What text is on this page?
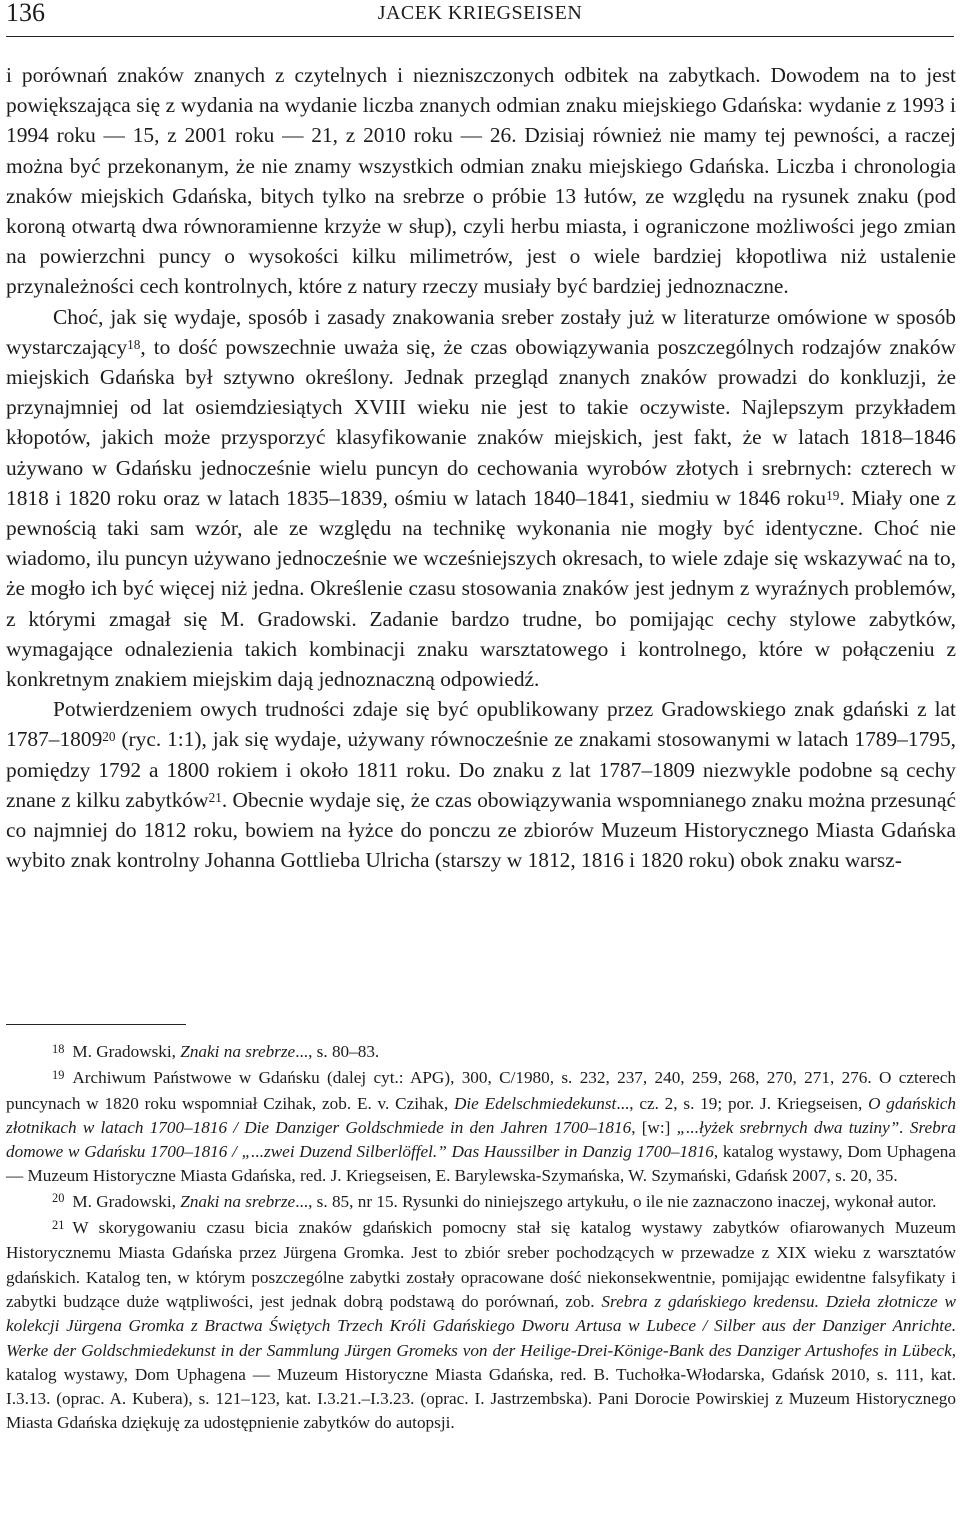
136	JACEK KRIEGSEISEN

i porównań znaków znanych z czytelnych i niezniszczonych odbitek na zabytkach. Dowodem na to jest powiększająca się z wydania na wydanie liczba znanych odmian znaku miejskiego Gdańska: wydanie z 1993 i 1994 roku — 15, z 2001 roku — 21, z 2010 roku — 26. Dzisiaj również nie mamy tej pewności, a raczej można być przekonanym, że nie znamy wszystkich odmian znaku miejskiego Gdańska. Liczba i chronologia znaków miejskich Gdańska, bitych tylko na srebrze o próbie 13 łutów, ze względu na rysunek znaku (pod koroną otwartą dwa równoramienne krzyże w słup), czyli herbu miasta, i ograniczone możliwości jego zmian na powierzchni puncy o wysokości kilku milimetrów, jest o wiele bardziej kłopotliwa niż ustalenie przynależności cech kontrolnych, które z natury rzeczy musiały być bardziej jednoznaczne.

Choć, jak się wydaje, sposób i zasady znakowania sreber zostały już w literaturze omówione w sposób wystarczający$^{18}$, to dość powszechnie uważa się, że czas obowiązywania poszczególnych rodzajów znaków miejskich Gdańska był sztywno określony. Jednak przegląd znanych znaków prowadzi do konkluzji, że przynajmniej od lat osiemdziesiątych XVIII wieku nie jest to takie oczywiste. Najlepszym przykładem kłopotów, jakich może przysporzyć klasyfikowanie znaków miejskich, jest fakt, że w latach 1818–1846 używano w Gdańsku jednocześnie wielu puncyn do cechowania wyrobów złotych i srebrnych: czterech w 1818 i 1820 roku oraz w latach 1835–1839, ośmiu w latach 1840–1841, siedmiu w 1846 roku$^{19}$. Miały one z pewnością taki sam wzór, ale ze względu na technikę wykonania nie mogły być identyczne. Choć nie wiadomo, ilu puncyn używano jednocześnie we wcześniejszych okresach, to wiele zdaje się wskazywać na to, że mogło ich być więcej niż jedna. Określenie czasu stosowania znaków jest jednym z wyraźnych problemów, z którymi zmagał się M. Gradowski. Zadanie bardzo trudne, bo pomijając cechy stylowe zabytków, wymagające odnalezienia takich kombinacji znaku warsztatowego i kontrolnego, które w połączeniu z konkretnym znakiem miejskim dają jednoznaczną odpowiedź.

Potwierdzeniem owych trudności zdaje się być opublikowany przez Gradowskiego znak gdański z lat 1787–1809$^{20}$ (ryc. 1:1), jak się wydaje, używany równocześnie ze znakami stosowanymi w latach 1789–1795, pomiędzy 1792 a 1800 rokiem i około 1811 roku. Do znaku z lat 1787–1809 niezwykle podobne są cechy znane z kilku zabytków$^{21}$. Obecnie wydaje się, że czas obowiązywania wspomnianego znaku można przesunąć co najmniej do 1812 roku, bowiem na łyżce do ponczu ze zbiorów Muzeum Historycznego Miasta Gdańska wybito znak kontrolny Johanna Gottlieba Ulricha (starszy w 1812, 1816 i 1820 roku) obok znaku warsz-

$^{18}$ M. Gradowski, Znaki na srebrze..., s. 80–83.

$^{19}$ Archiwum Państwowe w Gdańsku (dalej cyt.: APG), 300, C/1980, s. 232, 237, 240, 259, 268, 270, 271, 276. O czterech puncynach w 1820 roku wspomniał Czihak, zob. E. v. Czihak, Die Edelschmiedekunst..., cz. 2, s. 19; por. J. Kriegseisen, O gdańskich złotnikach w latach 1700–1816 / Die Danziger Goldschmiede in den Jahren 1700–1816, [w:] „...łyżek srebrnych dwa tuziny”. Srebra domowe w Gdańsku 1700–1816 / „...zwei Duzend Silberlöffel.” Das Haussilber in Danzig 1700–1816, katalog wystawy, Dom Uphagena — Muzeum Historyczne Miasta Gdańska, red. J. Kriegseisen, E. Barylewska-Szymańska, W. Szymański, Gdańsk 2007, s. 20, 35.

$^{20}$ M. Gradowski, Znaki na srebrze..., s. 85, nr 15. Rysunki do niniejszego artykułu, o ile nie zaznaczono inaczej, wykonał autor.

$^{21}$ W skorygowaniu czasu bicia znaków gdańskich pomocny stał się katalog wystawy zabytków ofiarowanych Muzeum Historycznemu Miasta Gdańska przez Jürgena Gromka. Jest to zbiór sreber pochodzących w przewadze z XIX wieku z warsztatów gdańskich. Katalog ten, w którym poszczególne zabytki zostały opracowane dość niekonsekwentnie, pomijając ewidentne falsyfikaty i zabytki budzące duże wątpliwości, jest jednak dobrą podstawą do porównań, zob. Srebra z gdańskiego kredensu. Dzieła złotnicze w kolekcji Jürgena Gromka z Bractwa Świętych Trzech Króli Gdańskiego Dworu Artusa w Lubece / Silber aus der Danziger Anrichte. Werke der Goldschmiedekunst in der Sammlung Jürgen Gromeks von der Heilige-Drei-Könige-Bank des Danziger Artushofes in Lübeck, katalog wystawy, Dom Uphagena — Muzeum Historyczne Miasta Gdańska, red. B. Tuchołka-Włodarska, Gdańsk 2010, s. 111, kat. I.3.13. (oprac. A. Kubera), s. 121–123, kat. I.3.21.–I.3.23. (oprac. I. Jastrzembska). Pani Dorocie Powirskiej z Muzeum Historycznego Miasta Gdańska dziękuję za udostępnienie zabytków do autopsji.
